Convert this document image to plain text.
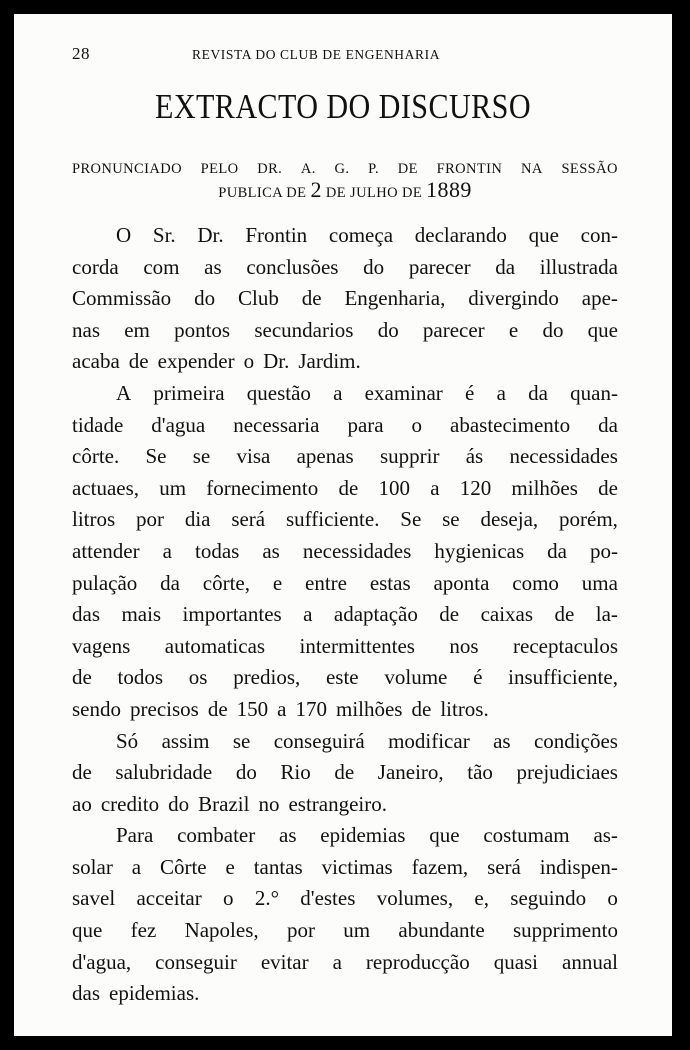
28	REVISTA DO CLUB DE ENGENHARIA
EXTRACTO DO DISCURSO
PRONUNCIADO PELO DR. A. G. P. DE FRONTIN NA SESSÃO
PUBLICA DE 2 DE JULHO DE 1889
O Sr. Dr. Frontin começa declarando que con-
corda com as conclusões do parecer da illustrada
Commissão do Club de Engenharia, divergindo ape-
nas em pontos secundarios do parecer e do que
acaba de expender o Dr. Jardim.
A primeira questão a examinar é a da quan-
tidade d'agua necessaria para o abastecimento da
côrte. Se se visa apenas supprir ás necessidades
actuaes, um fornecimento de 100 a 120 milhões de
litros por dia será sufficiente. Se se deseja, porém,
attender a todas as necessidades hygienicas da po-
pulação da côrte, e entre estas aponta como uma
das mais importantes a adaptação de caixas de la-
vagens automaticas intermittentes nos receptaculos
de todos os predios, este volume é insufficiente,
sendo precisos de 150 a 170 milhões de litros.
Só assim se conseguirá modificar as condições
de salubridade do Rio de Janeiro, tão prejudiciaes
ao credito do Brazil no estrangeiro.
Para combater as epidemias que costumam as-
solar a Côrte e tantas victimas fazem, será indispen-
savel acceitar o 2.° d'estes volumes, e, seguindo o
que fez Napoles, por um abundante supprimento
d'agua, conseguir evitar a reproducção quasi annual
das epidemias.
